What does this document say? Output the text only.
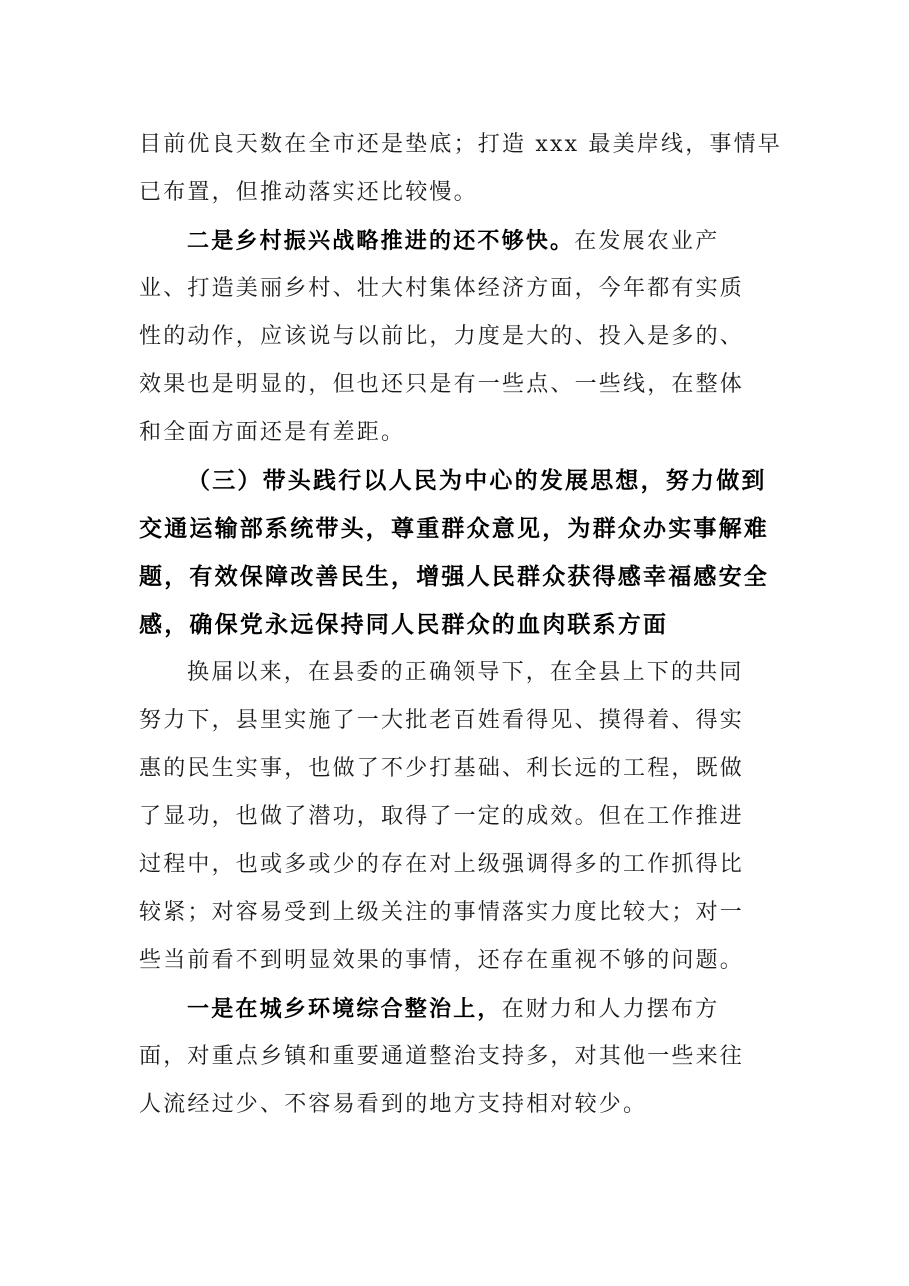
目前优良天数在全市还是垫底；打造 xxx 最美岸线，事情早
已布置，但推动落实还比较慢。
二是乡村振兴战略推进的还不够快。在发展农业产
业、打造美丽乡村、壮大村集体经济方面，今年都有实质
性的动作，应该说与以前比，力度是大的、投入是多的、
效果也是明显的，但也还只是有一些点、一些线，在整体
和全面方面还是有差距。
（三）带头践行以人民为中心的发展思想，努力做到
交通运输部系统带头，尊重群众意见，为群众办实事解难
题，有效保障改善民生，增强人民群众获得感幸福感安全
感，确保党永远保持同人民群众的血肉联系方面
换届以来，在县委的正确领导下，在全县上下的共同
努力下，县里实施了一大批老百姓看得见、摸得着、得实
惠的民生实事，也做了不少打基础、利长远的工程，既做
了显功，也做了潜功，取得了一定的成效。但在工作推进
过程中，也或多或少的存在对上级强调得多的工作抓得比
较紧；对容易受到上级关注的事情落实力度比较大；对一
些当前看不到明显效果的事情，还存在重视不够的问题。
一是在城乡环境综合整治上，在财力和人力摆布方
面，对重点乡镇和重要通道整治支持多，对其他一些来往
人流经过少、不容易看到的地方支持相对较少。
